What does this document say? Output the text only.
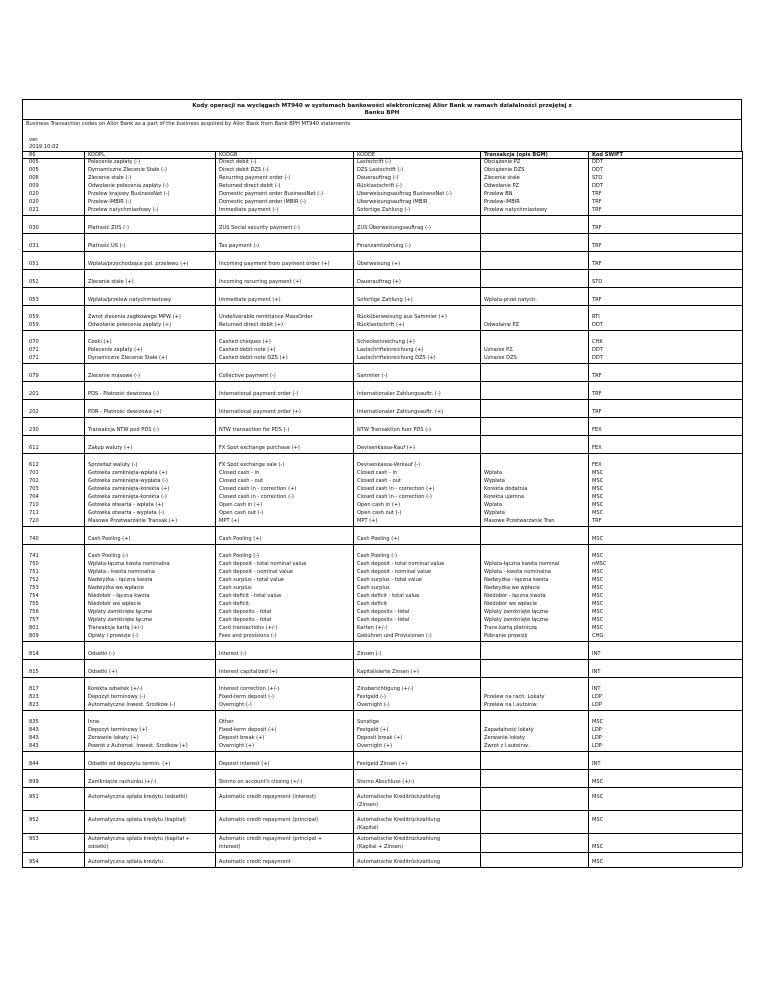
Kody operacji na wyciągach MT940 w systemach bankowości elektronicznej Alior Bank w ramach działalności przejętej z Banku BPH
Business Transaction codes on Alior Bank as a part of the business acquired by Alior Bank from Bank BPH MT940 statements
ver.
2019.10.02
86	KODPL	KODGB	KODDE	Transakcja (opis BGM)	Kod SWIFT
005	Polecenie zapłaty (-)	Direct debit (-)	Lastschrift (-)	Obciążenie PZ	DDT
005	Dyrnamiczne Zlecenie Stałe (-)	Direct debit DZS (-)	DZS Lastschrift (-)	Obciążenie DZS	DDT
008	Zlecenie stałe (-)	Recurring payment order (-)	Dauerauftrag (-)	Zlecenie stałe	STO
009	Odwołanie polecenia zapłaty (-)	Returned direct debit (-)	Rücklastschrift (-)	Odwołanie PZ	DDT
020	Przelew krajowy BusinessNet (-)	Domestic payment order BusinessNet (-)	Überweisungsauftrag BusinessNet (-)	Przelew BN	TRF
020	Przelew-iMBIR (-)	Domestic payment order iMBIR (-)	Überweisungsauftrag iMBIR	Przelew-iMBIR	TRF
021	Przelew natychmiastowy (-)	Immediate payment (-)	Sofortige Zahlung (-)	Przelew natychmiastowy	TRF
030	Płatność ZUS (-)	ZUS Social security payment (-)	ZUS Überweisungsauftrag (-)		TRF
031	Płatność US (-)	Tax payment (-)	Finanzamtzahlung (-)		TRF
051	Wpłata/przychodzące pol. przelewu (+)	Incoming payment from payment order (+)	Überweisung (+)		TRF
052	Zlecenie stałe (+)	Incoming recurring payment (+)	Dauerauftrag (+)		STO
053	Wpłata/przelew natychmiastowy	Immediate payment (+)	Sofortige Zahlung (+)	Wpłata-przel.natych.	TRF
059	Zwrot zlecenia zagłkowego MPW (+)	Undeliverable remittance MassOrder	Rücküberweisung aus Sammler (+)		RTI
059	Odwołanie polecenia zapłaty (+)	Returned direct debit (+)	Rücklastschrift (+)	Odwołanie PZ	DDT
070	Czeki (+)	Cashed cheques (+)	Scheckeinreichung (+)		CHK
071	Polecenie zapłaty (+)	Cashed debit note (+)	Lastschrifteinreichung (+)	Uznanie PZ	DDT
071	Dynamiczne Zlecenie Stałe (+)	Cashed debit note DZS (+)	Lastschrifteinreichung DZS (+)	Uznanie DZS	DDT
079	Zlecenie masowe (-)	Collective payment (-)	Sammler (-)		TRF
201	PDS - Płatność dewizowa (-)	International payment order (-)	Internationaler Zahlungsauftr. (-)		TRF
202	PDR - Płatność dewizowa (+)	International payment order (+)	Internationaler Zahlungsauftr. (+)		TRF
230	Transakcja NTW pod PDS (-)	NTW transaction for PDS (-)	NTW Transaktion fuer PDS (-)		FEX
611	Zakup waluty (+)	FX Spot exchange purchase (+)	Devisenkassa-Kauf (+)		FEX
612	Sprzedaż waluty (-)	FX Spot exchange sale (-)	Devisenkassa-Verkauf (-)		FEX
701	Gotówka zamknięta-wpłata (+)	Closed cash - in	Closed cash - in	Wpłata	MSC
702	Gotówka zamknięta-wypłata (-)	Closed cash - out	Closed cash - out	Wypłata	MSC
703	Gotówka zamknięta-korekta (+)	Closed cash in - correction (+)	Closed cash in - correction (+)	Korekta dodatnia	MSC
704	Gotówka zamknięta-korekta (-)	Closed cash in - correction (-)	Closed cash in - correction (-)	Korekta ujemna	MSC
710	Gotówka otwarta - wpłata (+)	Open cash in (+)	Open cash in (+)	Wpłata	MSC
711	Gotówka otwarta - wypłata (-)	Open cash out (-)	Open cash out (-)	Wypłata	MSC
720	Masowe Przetwarzanie Transak.(+)	MPT (+)	MPT (+)	Masowe Przetwarzanie Tran	TRF
740	Cash Pooling (+)	Cash Pooling (+)	Cash Pooling (+)		MSC
741	Cash Pooling (-)	Cash Pooling (-)	Cash Pooling (-)		MSC
750	Wpłata-łączna kwota nominalna	Cash deposit - total nominal value	Cash deposit - total nominal value	Wpłata-łączna kwota nominal	nMSC
751	Wpłata - kwota nominalna	Cash deposit - nominal value	Cash deposit - nominal value	Wpłata - kwota nominalna	MSC
752	Nadwyżka - łączna kwota	Cash surplus - total value	Cash surplus - total value	Nadwyżka - łączna kwota	MSC
753	Nadwyżka we wpłacie	Cash surplus	Cash surplus	Nadwyżka we wpłacie	MSC
754	Niedobór - łączna kwota	Cash deficit - total value	Cash deficit - total value	Niedobór - łączna kwota	MSC
755	Niedobór we wpłacie	Cash deficit	Cash deficit	Niedobór we wpłacie	MSC
756	Wpłaty zamknięte łączne	Cash deposits - total	Cash deposits - total	Wpłaty zamknięte łączne	MSC
757	Wpłaty zamknięte łączne	Cash deposits - total	Cash deposits - total	Wpłaty zamknięte łączne	MSC
801	Transakcja kartą (+/-)	Card transactions (+/-)	Karten (+/-)	Trans.kartą płatniczą	MSC
809	Opłaty i prowizje (-)	Fees and provisions (-)	Gebühren und Provisionen (-)	Pobranie prowizji	CHG
814	Odsetki (-)	Interest (-)	Zinsen (-)		INT
815	Odsetki (+)	Interest capitalized (+)	Kapitalisierte Zinsen (+)		INT
817	Korekta odsetek (+/-)	Interest correction (+/-)	Zinsberichtigung (+/-)		INT
823	Depozyt terminowy (-)	Fixed-term deposit (-)	Festgeld (-)	Przelew na rach. Lokaty	LDP
823	Automatyczne Inwest. Środków (-)	Overnight (-)	Overnight (-)	Przelew na l.autoinw.	LDP
835	Inne	Other	Sonstige		MSC
843	Depozyt terminowy (+)	Fixed-term deposit (+)	Festgeld (+)	Zapadalność lokaty	LDP
843	Zerwanie lokaty (+)	Deposit break (+)	Deposit break (+)	Zerwanie lokaty	LDP
843	Powrót z Automat. Inwest. Środków (+)	Overnight (+)	Overnight (+)	Zwrot z l.autoinw.	LDP
844	Odsetki od depozytu termin. (+)	Deposit interest (+)	Festgeld Zinsen (+)		INT
899	Zamknięcie rachunku (+/-)	Storno on account's closing (+/-)	Storno Abschluss (+/-)		MSC
951	Automatyczna spłata kredytu (odsetki)	Automatic credit repayment (interest)	Automatische Kreditrückzahlung		MSC
			(Zinsen)		
952	Automatyczna spłata kredytu (kapitał)	Automatic credit repayment (principal)	Automatische Kreditrückzahlung		MSC
			(Kapital)		
953	Automatyczna spłata kredytu (kapitał +	Automatic credit repayment (principal +	Automatische Kreditrückzahlung		
	odsetki)	interest)	(Kapital + Zinsen)		MSC
954	Automatyczna spłata kredytu	Automatic credit repayment	Automatische Kreditrückzahlung		MSC
